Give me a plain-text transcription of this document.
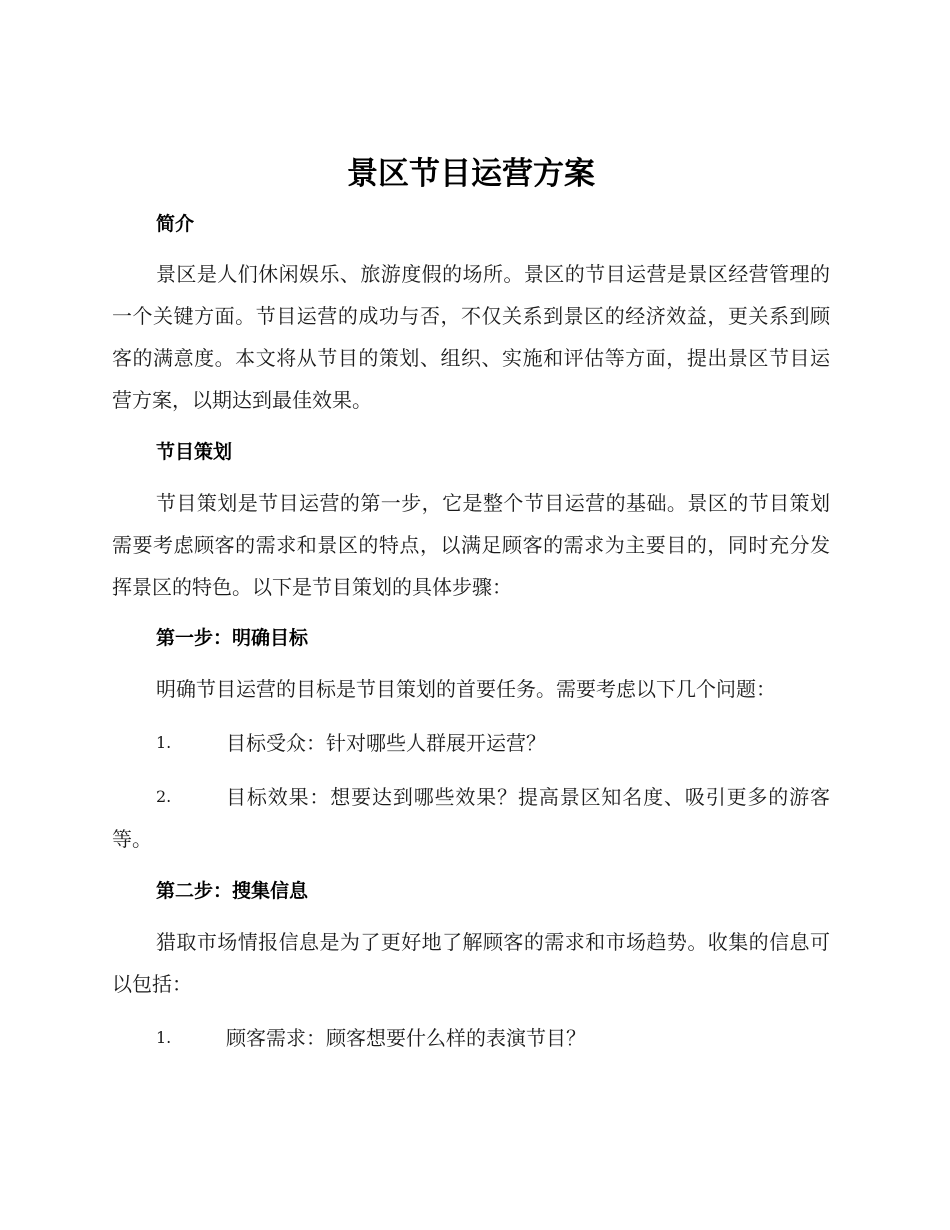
景区节目运营方案
简介

景区是人们休闲娱乐、旅游度假的场所。景区的节目运营是景区经营管理的一个关键方面。节目运营的成功与否，不仅关系到景区的经济效益，更关系到顾客的满意度。本文将从节目的策划、组织、实施和评估等方面，提出景区节目运营方案，以期达到最佳效果。

节目策划

节目策划是节目运营的第一步，它是整个节目运营的基础。景区的节目策划需要考虑顾客的需求和景区的特点，以满足顾客的需求为主要目的，同时充分发挥景区的特色。以下是节目策划的具体步骤：

第一步：明确目标

明确节目运营的目标是节目策划的首要任务。需要考虑以下几个问题：

1.	目标受众：针对哪些人群展开运营？
2.	目标效果：想要达到哪些效果？提高景区知名度、吸引更多的游客等。
第二步：搜集信息

猎取市场情报信息是为了更好地了解顾客的需求和市场趋势。收集的信息可以包括：

1.	顾客需求：顾客想要什么样的表演节目？
